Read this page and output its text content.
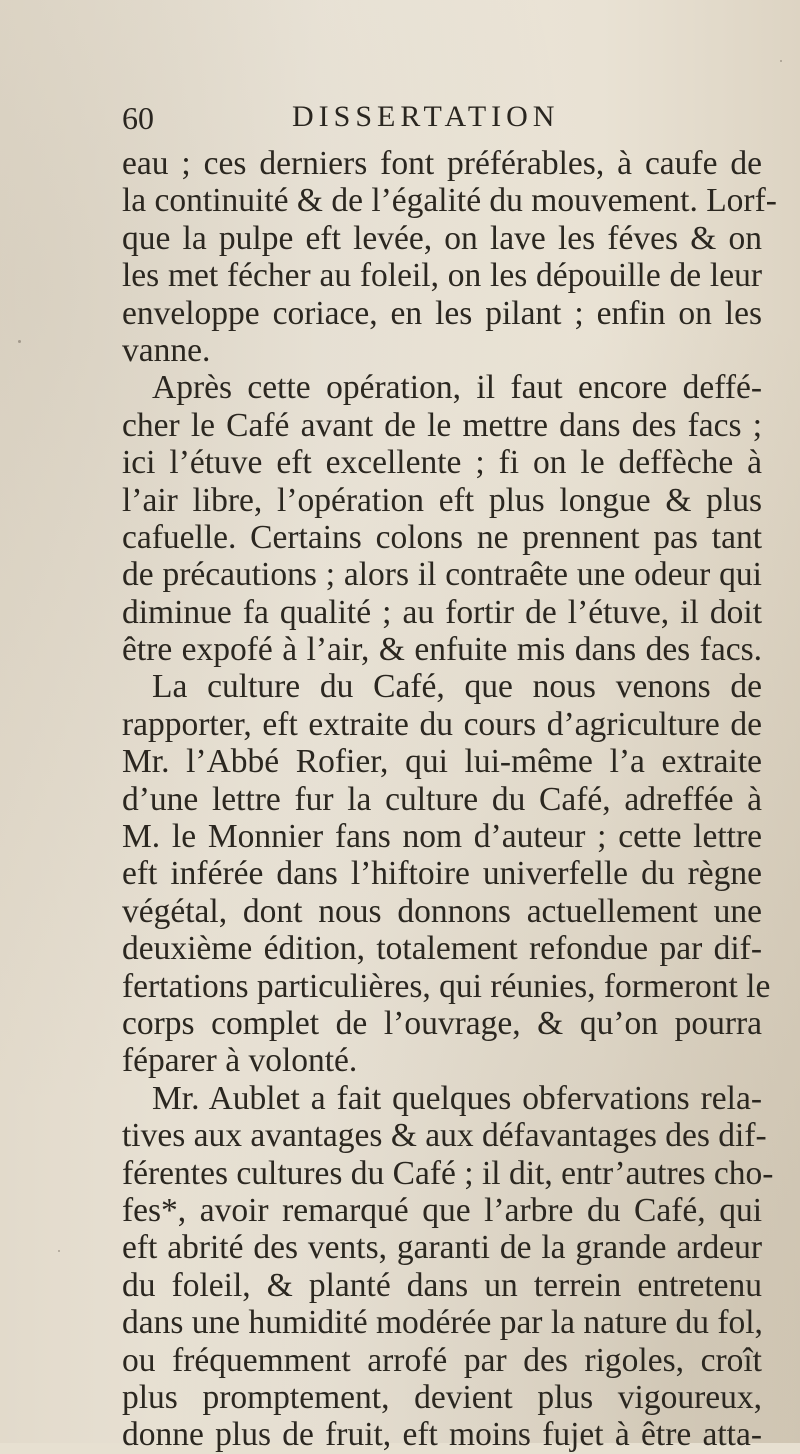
60	DISSERTATION
eau ; ces derniers font préférables, à caufe de
la continuité & de l’égalité du mouvement. Lorf-
que la pulpe eft levée, on lave les féves & on
les met fécher au foleil, on les dépouille de leur
enveloppe coriace, en les pilant ; enfin on les
vanne.
Après cette opération, il faut encore deffé-
cher le Café avant de le mettre dans des facs ;
ici l’étuve eft excellente ; fi on le deffèche à
l’air libre, l’opération eft plus longue & plus
cafuelle. Certains colons ne prennent pas tant
de précautions ; alors il contraête une odeur qui
diminue fa qualité ; au fortir de l’étuve, il doit
être expofé à l’air, & enfuite mis dans des facs.
La culture du Café, que nous venons de
rapporter, eft extraite du cours d’agriculture de
Mr. l’Abbé Rofier, qui lui-même l’a extraite
d’une lettre fur la culture du Café, adreffée à
M. le Monnier fans nom d’auteur ; cette lettre
eft inférée dans l’hiftoire univerfelle du règne
végétal, dont nous donnons actuellement une
deuxième édition, totalement refondue par dif-
fertations particulières, qui réunies, formeront le
corps complet de l’ouvrage, & qu’on pourra
féparer à volonté.
Mr. Aublet a fait quelques obfervations rela-
tives aux avantages & aux défavantages des dif-
férentes cultures du Café ; il dit, entr’autres cho-
fes*, avoir remarqué que l’arbre du Café, qui
eft abrité des vents, garanti de la grande ardeur
du foleil, & planté dans un terrein entretenu
dans une humidité modérée par la nature du fol,
ou fréquemment arrofé par des rigoles, croît
plus promptement, devient plus vigoureux,
donne plus de fruit, eft moins fujet à être atta-
